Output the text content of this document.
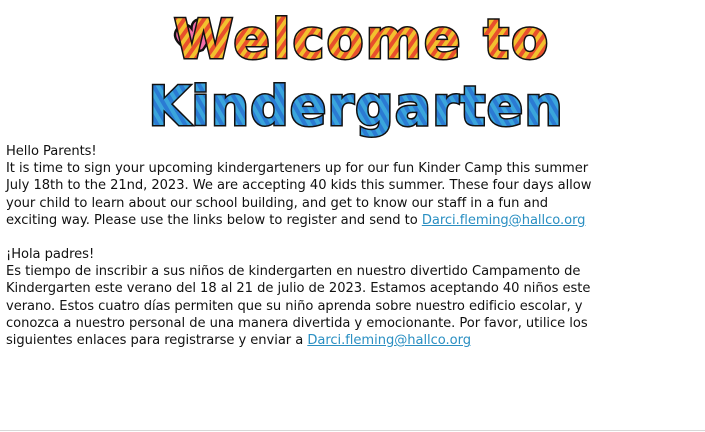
Welcome to
Kindergarten

Hello Parents!

It is time to sign your upcoming kindergarteners up for our fun Kinder Camp this summer

July 18th to the 21nd, 2023. We are accepting 40 kids this summer. These four days allow

your child to learn about our school building, and get to know our staff in a fun and

exciting way. Please use the links below to register and send to Darci.fleming@hallco.org

¡Hola padres!

Es tiempo de inscribir a sus niños de kindergarten en nuestro divertido Campamento de

Kindergarten este verano del 18 al 21 de julio de 2023. Estamos aceptando 40 niños este

verano. Estos cuatro días permiten que su niño aprenda sobre nuestro edificio escolar, y

conozca a nuestro personal de una manera divertida y emocionante. Por favor, utilice los

siguientes enlaces para registrarse y enviar a Darci.fleming@hallco.org
